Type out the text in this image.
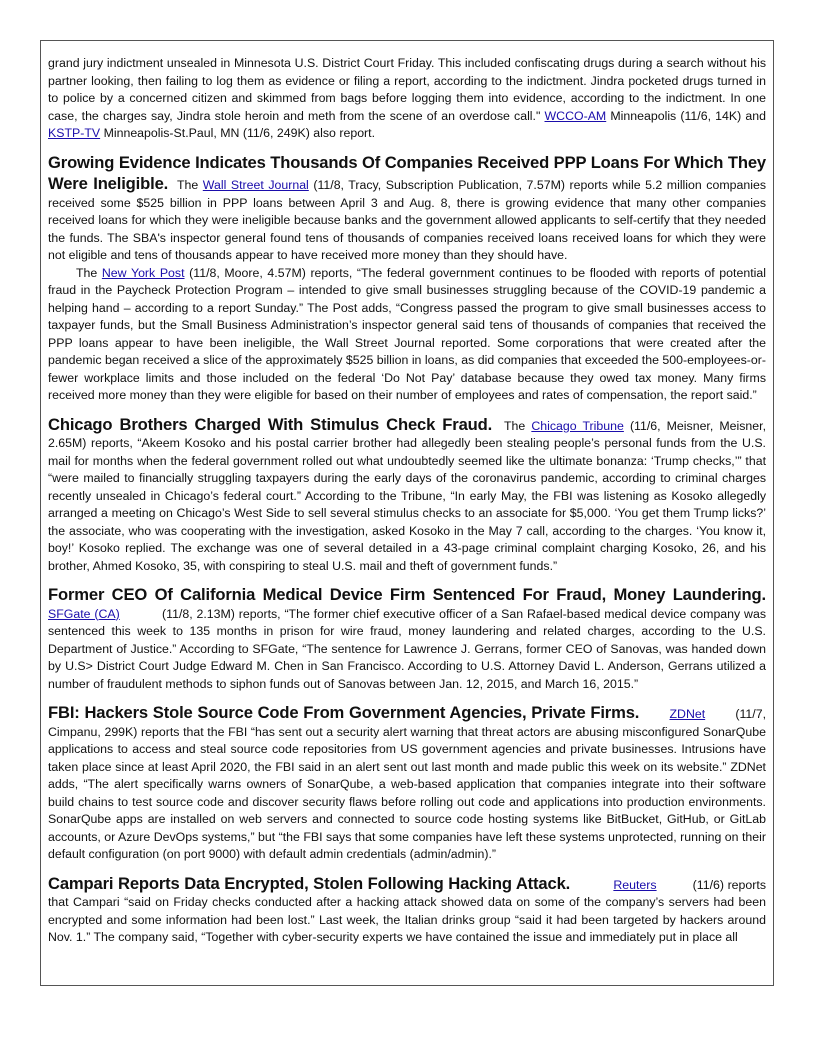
grand jury indictment unsealed in Minnesota U.S. District Court Friday. This included confiscating drugs during a search without his partner looking, then failing to log them as evidence or filing a report, according to the indictment. Jindra pocketed drugs turned in to police by a concerned citizen and skimmed from bags before logging them into evidence, according to the indictment. In one case, the charges say, Jindra stole heroin and meth from the scene of an overdose call." WCCO-AM Minneapolis (11/6, 14K) and KSTP-TV Minneapolis-St.Paul, MN (11/6, 249K) also report.

Growing Evidence Indicates Thousands Of Companies Received PPP Loans For Which They Were Ineligible. The Wall Street Journal (11/8, Tracy, Subscription Publication, 7.57M) reports while 5.2 million companies received some $525 billion in PPP loans between April 3 and Aug. 8, there is growing evidence that many other companies received loans for which they were ineligible because banks and the government allowed applicants to self-certify that they needed the funds. The SBA's inspector general found tens of thousands of companies received loans received loans for which they were not eligible and tens of thousands appear to have received more money than they should have.

The New York Post (11/8, Moore, 4.57M) reports, “The federal government continues to be flooded with reports of potential fraud in the Paycheck Protection Program – intended to give small businesses struggling because of the COVID-19 pandemic a helping hand – according to a report Sunday.” The Post adds, “Congress passed the program to give small businesses access to taxpayer funds, but the Small Business Administration’s inspector general said tens of thousands of companies that received the PPP loans appear to have been ineligible, the Wall Street Journal reported. Some corporations that were created after the pandemic began received a slice of the approximately $525 billion in loans, as did companies that exceeded the 500-employees-or-fewer workplace limits and those included on the federal ‘Do Not Pay’ database because they owed tax money. Many firms received more money than they were eligible for based on their number of employees and rates of compensation, the report said.”

Chicago Brothers Charged With Stimulus Check Fraud. The Chicago Tribune (11/6, Meisner, Meisner, 2.65M) reports, “Akeem Kosoko and his postal carrier brother had allegedly been stealing people’s personal funds from the U.S. mail for months when the federal government rolled out what undoubtedly seemed like the ultimate bonanza: ‘Trump checks,’” that “were mailed to financially struggling taxpayers during the early days of the coronavirus pandemic, according to criminal charges recently unsealed in Chicago’s federal court.” According to the Tribune, “In early May, the FBI was listening as Kosoko allegedly arranged a meeting on Chicago’s West Side to sell several stimulus checks to an associate for $5,000. ‘You get them Trump licks?’ the associate, who was cooperating with the investigation, asked Kosoko in the May 7 call, according to the charges. ‘You know it, boy!’ Kosoko replied. The exchange was one of several detailed in a 43-page criminal complaint charging Kosoko, 26, and his brother, Ahmed Kosoko, 35, with conspiring to steal U.S. mail and theft of government funds.”

Former CEO Of California Medical Device Firm Sentenced For Fraud, Money Laundering. SFGate (CA)	(11/8, 2.13M) reports, “The former chief executive officer of a San Rafael-based medical device company was sentenced this week to 135 months in prison for wire fraud, money laundering and related charges, according to the U.S. Department of Justice.” According to SFGate, “The sentence for Lawrence J. Gerrans, former CEO of Sanovas, was handed down by U.S> District Court Judge Edward M. Chen in San Francisco. According to U.S. Attorney David L. Anderson, Gerrans utilized a number of fraudulent methods to siphon funds out of Sanovas between Jan. 12, 2015, and March 16, 2015.”

FBI: Hackers Stole Source Code From Government Agencies, Private Firms. ZDNet (11/7, Cimpanu, 299K) reports that the FBI “has sent out a security alert warning that threat actors are abusing misconfigured SonarQube applications to access and steal source code repositories from US government agencies and private businesses. Intrusions have taken place since at least April 2020, the FBI said in an alert sent out last month and made public this week on its website.” ZDNet adds, “The alert specifically warns owners of SonarQube, a web-based application that companies integrate into their software build chains to test source code and discover security flaws before rolling out code and applications into production environments. SonarQube apps are installed on web servers and connected to source code hosting systems like BitBucket, GitHub, or GitLab accounts, or Azure DevOps systems,” but “the FBI says that some companies have left these systems unprotected, running on their default configuration (on port 9000) with default admin credentials (admin/admin).”

Campari Reports Data Encrypted, Stolen Following Hacking Attack.	Reuters	(11/6) reports that Campari “said on Friday checks conducted after a hacking attack showed data on some of the company’s servers had been encrypted and some information had been lost.” Last week, the Italian drinks group “said it had been targeted by hackers around Nov. 1.” The company said, “Together with cyber-security experts we have contained the issue and immediately put in place all
